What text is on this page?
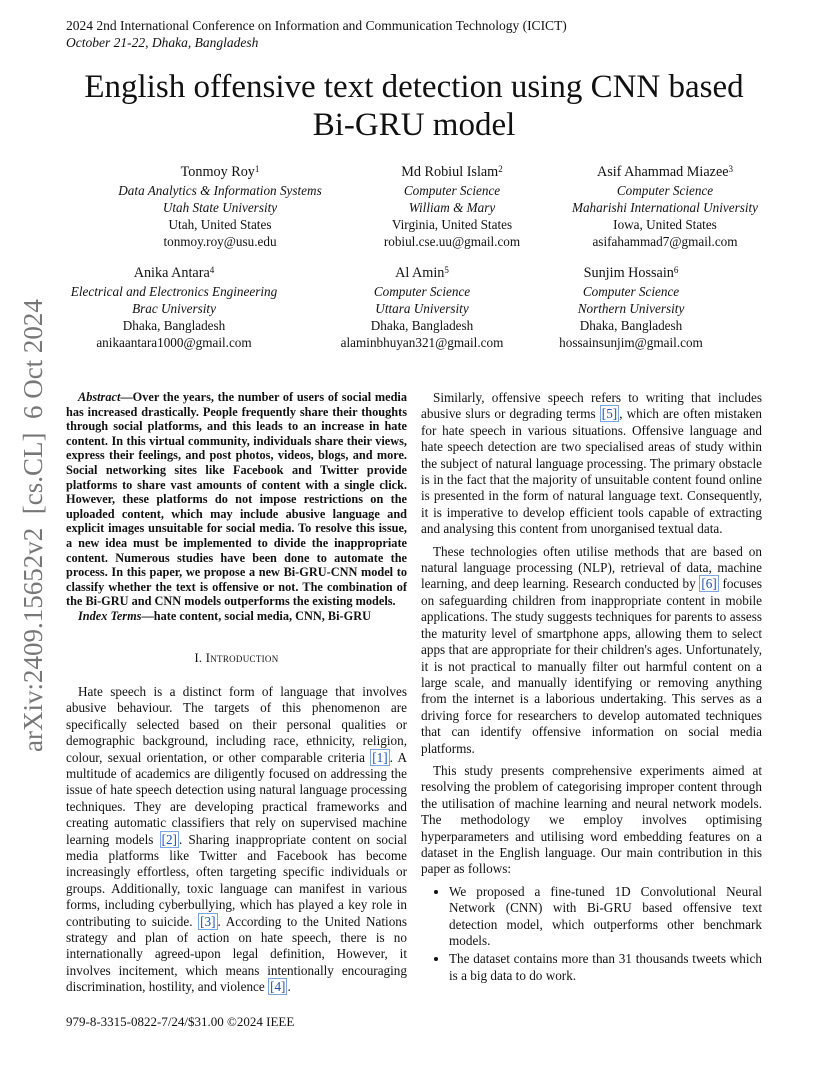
2024 2nd International Conference on Information and Communication Technology (ICICT)
October 21-22, Dhaka, Bangladesh
arXiv:2409.15652v2  [cs.CL]  6 Oct 2024
English offensive text detection using CNN based Bi-GRU model
Tonmoy Roy$^1$
Data Analytics & Information Systems
Utah State University
Utah, United States
tonmoy.roy@usu.edu
Md Robiul Islam$^2$
Computer Science
William & Mary
Virginia, United States
robiul.cse.uu@gmail.com
Asif Ahammad Miazee$^3$
Computer Science
Maharishi International University
Iowa, United States
asifahammad7@gmail.com
Anika Antara$^4$
Electrical and Electronics Engineering
Brac University
Dhaka, Bangladesh
anikaantara1000@gmail.com
Al Amin$^5$
Computer Science
Uttara University
Dhaka, Bangladesh
alaminbhuyan321@gmail.com
Sunjim Hossain$^6$
Computer Science
Northern University
Dhaka, Bangladesh
hossainsunjim@gmail.com

Abstract—Over the years, the number of users of social media has increased drastically. People frequently share their thoughts through social platforms, and this leads to an increase in hate content. In this virtual community, individuals share their views, express their feelings, and post photos, videos, blogs, and more. Social networking sites like Facebook and Twitter provide platforms to share vast amounts of content with a single click. However, these platforms do not impose restrictions on the uploaded content, which may include abusive language and explicit images unsuitable for social media. To resolve this issue, a new idea must be implemented to divide the inappropriate content. Numerous studies have been done to automate the process. In this paper, we propose a new Bi-GRU-CNN model to classify whether the text is offensive or not. The combination of the Bi-GRU and CNN models outperforms the existing models.

Index Terms—hate content, social media, CNN, Bi-GRU

I. Introduction

Hate speech is a distinct form of language that involves abusive behaviour. The targets of this phenomenon are specifically selected based on their personal qualities or demographic background, including race, ethnicity, religion, colour, sexual orientation, or other comparable criteria [1] . A multitude of academics are diligently focused on addressing the issue of hate speech detection using natural language processing techniques. They are developing practical frameworks and creating automatic classifiers that rely on supervised machine learning models [2] . Sharing inappropriate content on social media platforms like Twitter and Facebook has become increasingly effortless, often targeting specific individuals or groups. Additionally, toxic language can manifest in various forms, including cyberbullying, which has played a key role in contributing to suicide. [3] . According to the United Nations strategy and plan of action on hate speech, there is no internationally agreed-upon legal definition, However, it involves incitement, which means intentionally encouraging discrimination, hostility, and violence [4] .

Similarly, offensive speech refers to writing that includes abusive slurs or degrading terms [5] , which are often mistaken for hate speech in various situations. Offensive language and hate speech detection are two specialised areas of study within the subject of natural language processing. The primary obstacle is in the fact that the majority of unsuitable content found online is presented in the form of natural language text. Consequently, it is imperative to develop efficient tools capable of extracting and analysing this content from unorganised textual data.

These technologies often utilise methods that are based on natural language processing (NLP), retrieval of data, machine learning, and deep learning. Research conducted by [6] focuses on safeguarding children from inappropriate content in mobile applications. The study suggests techniques for parents to assess the maturity level of smartphone apps, allowing them to select apps that are appropriate for their children's ages. Unfortunately, it is not practical to manually filter out harmful content on a large scale, and manually identifying or removing anything from the internet is a laborious undertaking. This serves as a driving force for researchers to develop automated techniques that can identify offensive information on social media platforms.

This study presents comprehensive experiments aimed at resolving the problem of categorising improper content through the utilisation of machine learning and neural network models. The methodology we employ involves optimising hyperparameters and utilising word embedding features on a dataset in the English language. Our main contribution in this paper as follows:

• We proposed a fine-tuned 1D Convolutional Neural Network (CNN) with Bi-GRU based offensive text detection model, which outperforms other benchmark models.
• The dataset contains more than 31 thousands tweets which is a big data to do work.
979-8-3315-0822-7/24/$31.00 ©2024 IEEE
